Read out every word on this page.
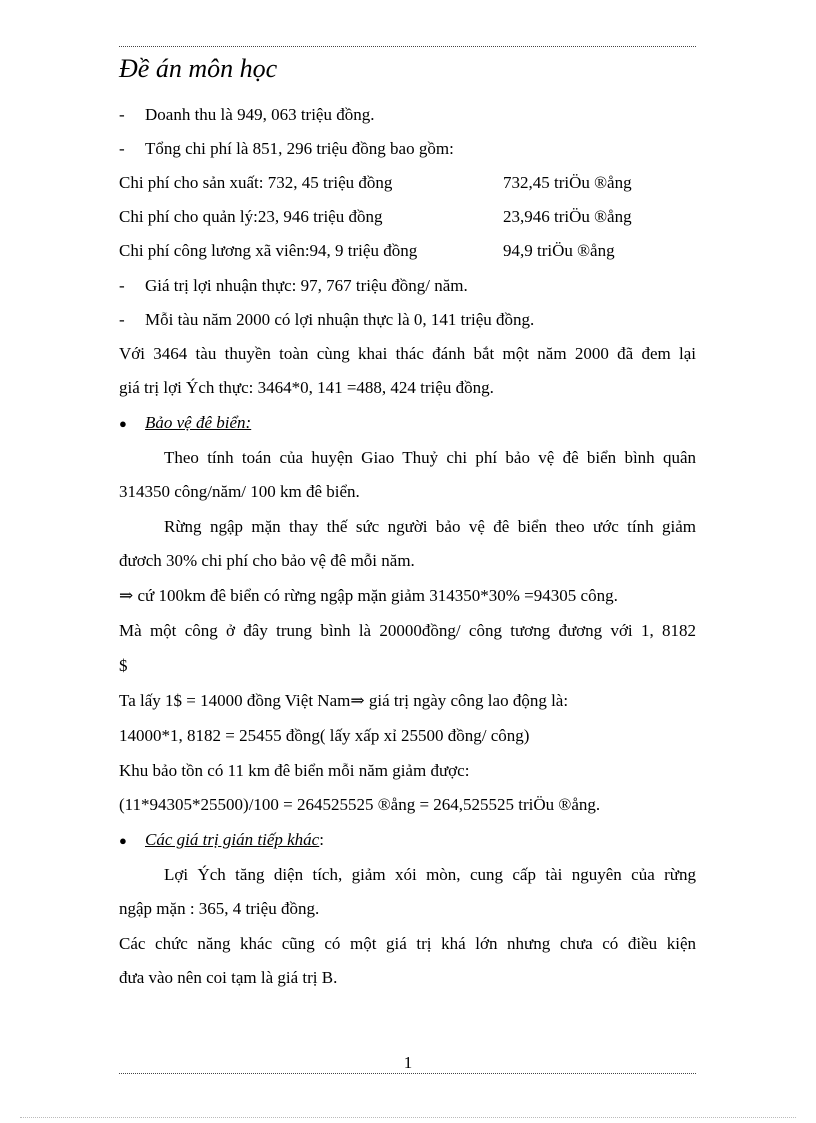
Đề án môn học
- Doanh thu là 949, 063 triệu đồng.
- Tổng chi phí là 851, 296 triệu đồng bao gồm:
Chi phí cho sản xuất: 732, 45 triệu đồng	732,45 triÖu ®ång
Chi phí cho quản lý:23, 946 triệu đồng	23,946 triÖu ®ång
Chi phí công lương xã viên:94, 9 triệu đồng	94,9 triÖu ®ång
- Giá trị lợi nhuận thực: 97, 767 triệu đồng/ năm.
- Mỗi tàu năm 2000 có lợi nhuận thực là 0, 141 triệu đồng.
Với 3464 tàu thuyền toàn cùng khai thác đánh bắt một năm 2000 đã đem lại
giá trị lợi Ých thực: 3464*0, 141 =488, 424 triệu đồng.
● Bảo vệ đê biển:
Theo tính toán của huyện Giao Thuỷ chi phí bảo vệ đê biển bình quân
314350 công/năm/ 100 km đê biển.
Rừng ngập mặn thay thế sức người bảo vệ đê biển theo ước tính giảm
đươch 30% chi phí cho bảo vệ đê mỗi năm.
⇒ cứ 100km đê biển có rừng ngập mặn giảm 314350*30% =94305 công.
Mà một công ở đây trung bình là 20000đồng/ công tương đương với 1, 8182
$
Ta lấy 1$ = 14000 đồng Việt Nam⇒ giá trị ngày công lao động là:
14000*1, 8182 = 25455 đồng( lấy xấp xỉ 25500 đồng/ công)
Khu bảo tồn có 11 km đê biển mỗi năm giảm được:
(11*94305*25500)/100 = 264525525 ®ång = 264,525525 triÖu ®ång.
● Các giá trị gián tiếp khác:
Lợi Ých tăng diện tích, giảm xói mòn, cung cấp tài nguyên của rừng
ngập mặn : 365, 4 triệu đồng.
Các chức năng khác cũng có một giá trị khá lớn nhưng chưa có điều kiện
đưa vào nên coi tạm là giá trị B.
1
